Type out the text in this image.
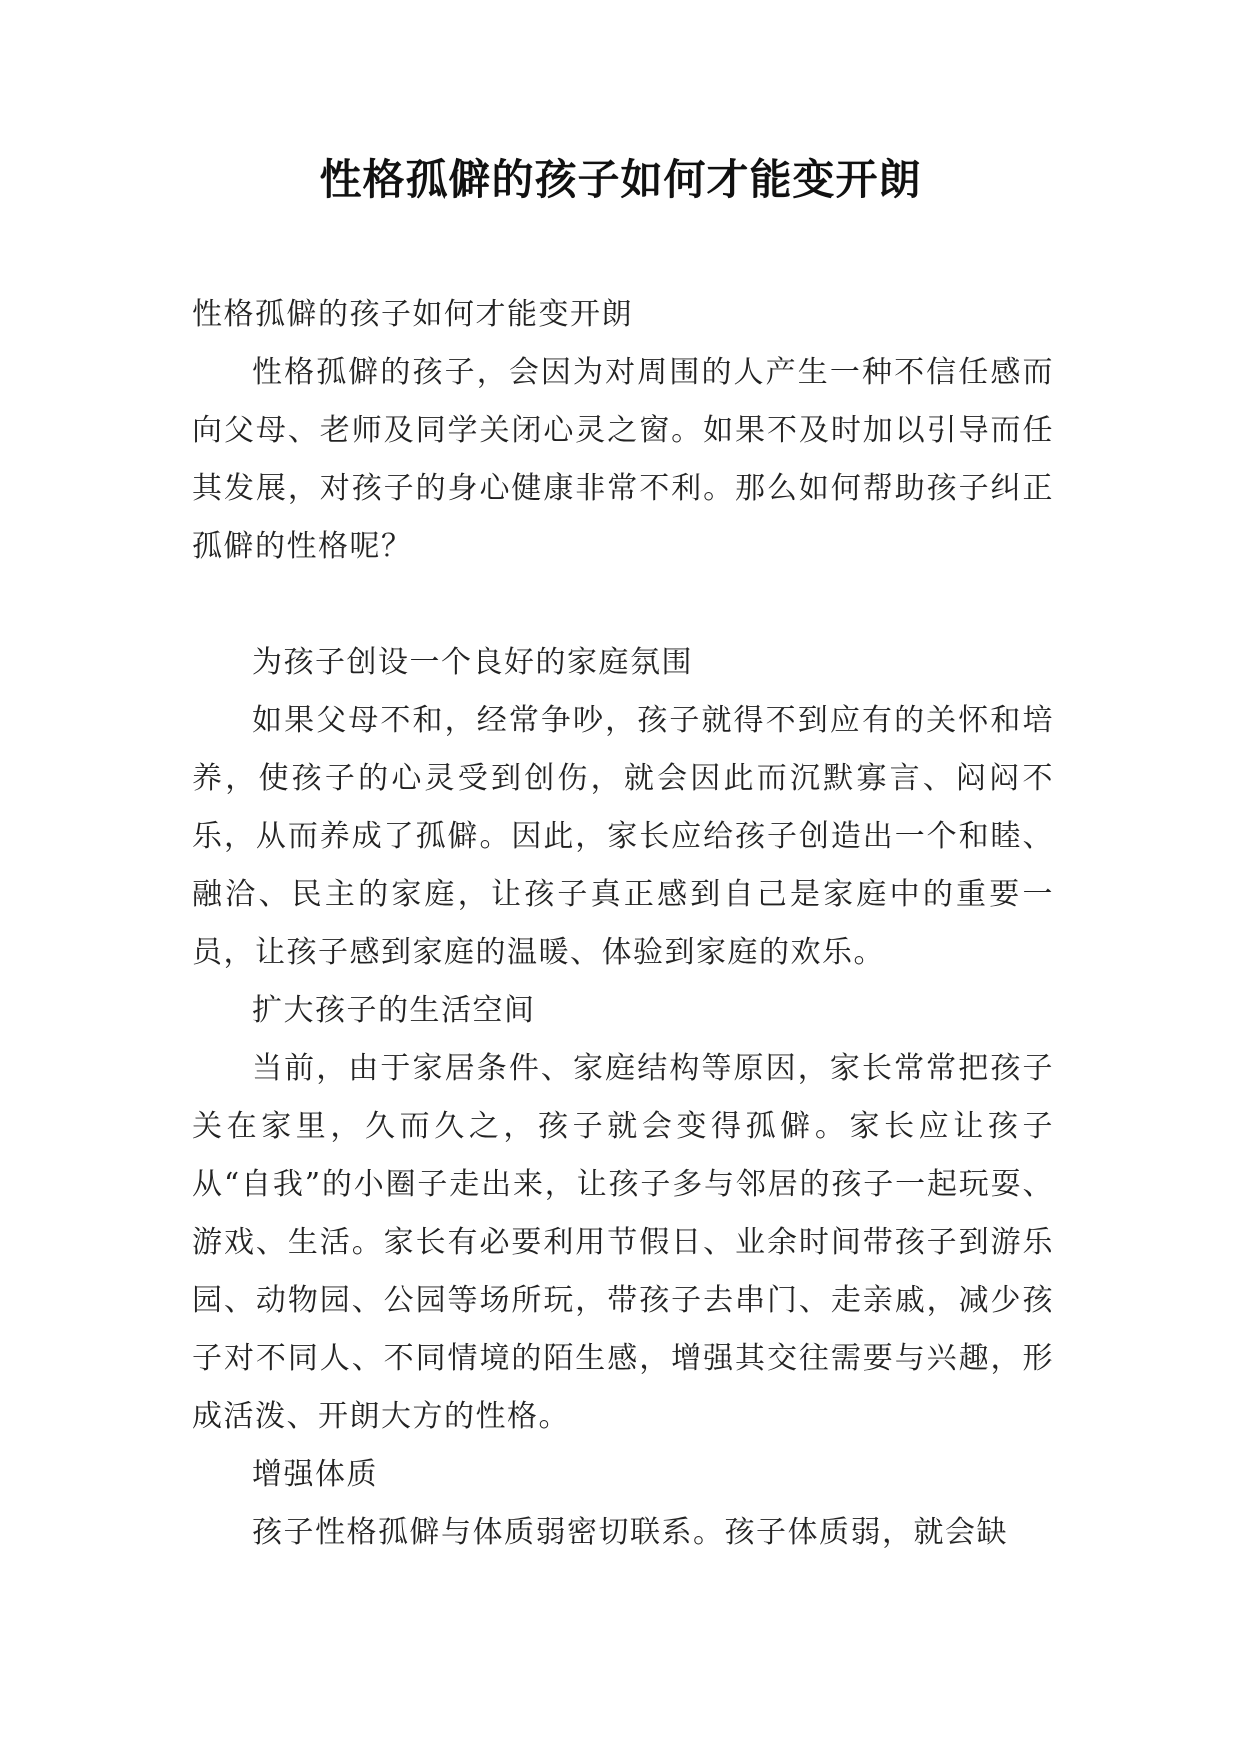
性格孤僻的孩子如何才能变开朗

性格孤僻的孩子如何才能变开朗

性格孤僻的孩子，会因为对周围的人产生一种不信任感而向父母、老师及同学关闭心灵之窗。如果不及时加以引导而任其发展，对孩子的身心健康非常不利。那么如何帮助孩子纠正孤僻的性格呢？

为孩子创设一个良好的家庭氛围

如果父母不和，经常争吵，孩子就得不到应有的关怀和培养，使孩子的心灵受到创伤，就会因此而沉默寡言、闷闷不乐，从而养成了孤僻。因此，家长应给孩子创造出一个和睦、融洽、民主的家庭，让孩子真正感到自己是家庭中的重要一员，让孩子感到家庭的温暖、体验到家庭的欢乐。

扩大孩子的生活空间

当前，由于家居条件、家庭结构等原因，家长常常把孩子关在家里，久而久之，孩子就会变得孤僻。家长应让孩子从“自我”的小圈子走出来，让孩子多与邻居的孩子一起玩耍、游戏、生活。家长有必要利用节假日、业余时间带孩子到游乐园、动物园、公园等场所玩，带孩子去串门、走亲戚，减少孩子对不同人、不同情境的陌生感，增强其交往需要与兴趣，形成活泼、开朗大方的性格。

增强体质

孩子性格孤僻与体质弱密切联系。孩子体质弱，就会缺
